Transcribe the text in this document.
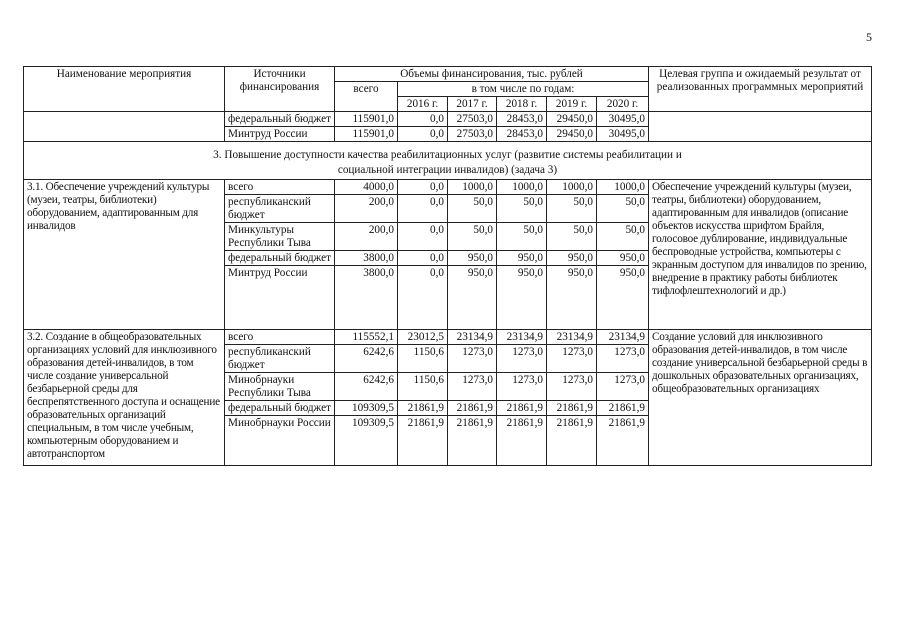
5
Наименование мероприятия	Источники финансирования	Объемы финансирования, тыс. рублей						Целевая группа и ожидаемый результат от реализованных программных мероприятий
		всего	в том числе по годам:					
			2016 г.	2017 г.	2018 г.	2019 г.	2020 г.	
	федеральный бюджет	115901,0	0,0	27503,0	28453,0	29450,0	30495,0	
	Минтруд России	115901,0	0,0	27503,0	28453,0	29450,0	30495,0	

3. Повышение доступности качества реабилитационных услуг (развитие системы реабилитации и социальной интеграции инвалидов) (задача 3)								

3.1. Обеспечение учреждений культуры (музеи, театры, библиотеки) оборудованием, адаптированным для инвалидов	всего	4000,0	0,0	1000,0	1000,0	1000,0	1000,0	Обеспечение учреждений культуры (музеи, театры, библиотеки) оборудованием, адаптированным для инвалидов (описание объектов искусства шрифтом Брайля, голосовое дублирование, индивидуальные беспроводные устройства, компьютеры с экранным доступом для инвалидов по зрению, внедрение в практику работы библиотек тифлофлештехнологий и др.)
	республиканский бюджет	200,0	0,0	50,0	50,0	50,0	50,0	
	Минкультуры Республики Тыва	200,0	0,0	50,0	50,0	50,0	50,0	
	федеральный бюджет	3800,0	0,0	950,0	950,0	950,0	950,0	
	Минтруд России	3800,0	0,0	950,0	950,0	950,0	950,0	
3.2. Создание в общеобразовательных организациях условий для инклюзивного образования детей-инвалидов, в том числе создание универсальной безбарьерной среды для беспрепятственного доступа и оснащение образовательных организаций специальным, в том числе учебным, компьютерным оборудованием и автотранспортом	всего	115552,1	23012,5	23134,9	23134,9	23134,9	23134,9	Создание условий для инклюзивного образования детей-инвалидов, в том числе создание универсальной безбарьерной среды в дошкольных образовательных организациях, общеобразовательных организациях
	республиканский бюджет	6242,6	1150,6	1273,0	1273,0	1273,0	1273,0	
	Минобрнауки Республики Тыва	6242,6	1150,6	1273,0	1273,0	1273,0	1273,0	
	федеральный бюджет	109309,5	21861,9	21861,9	21861,9	21861,9	21861,9	
	Минобрнауки России	109309,5	21861,9	21861,9	21861,9	21861,9	21861,9	
